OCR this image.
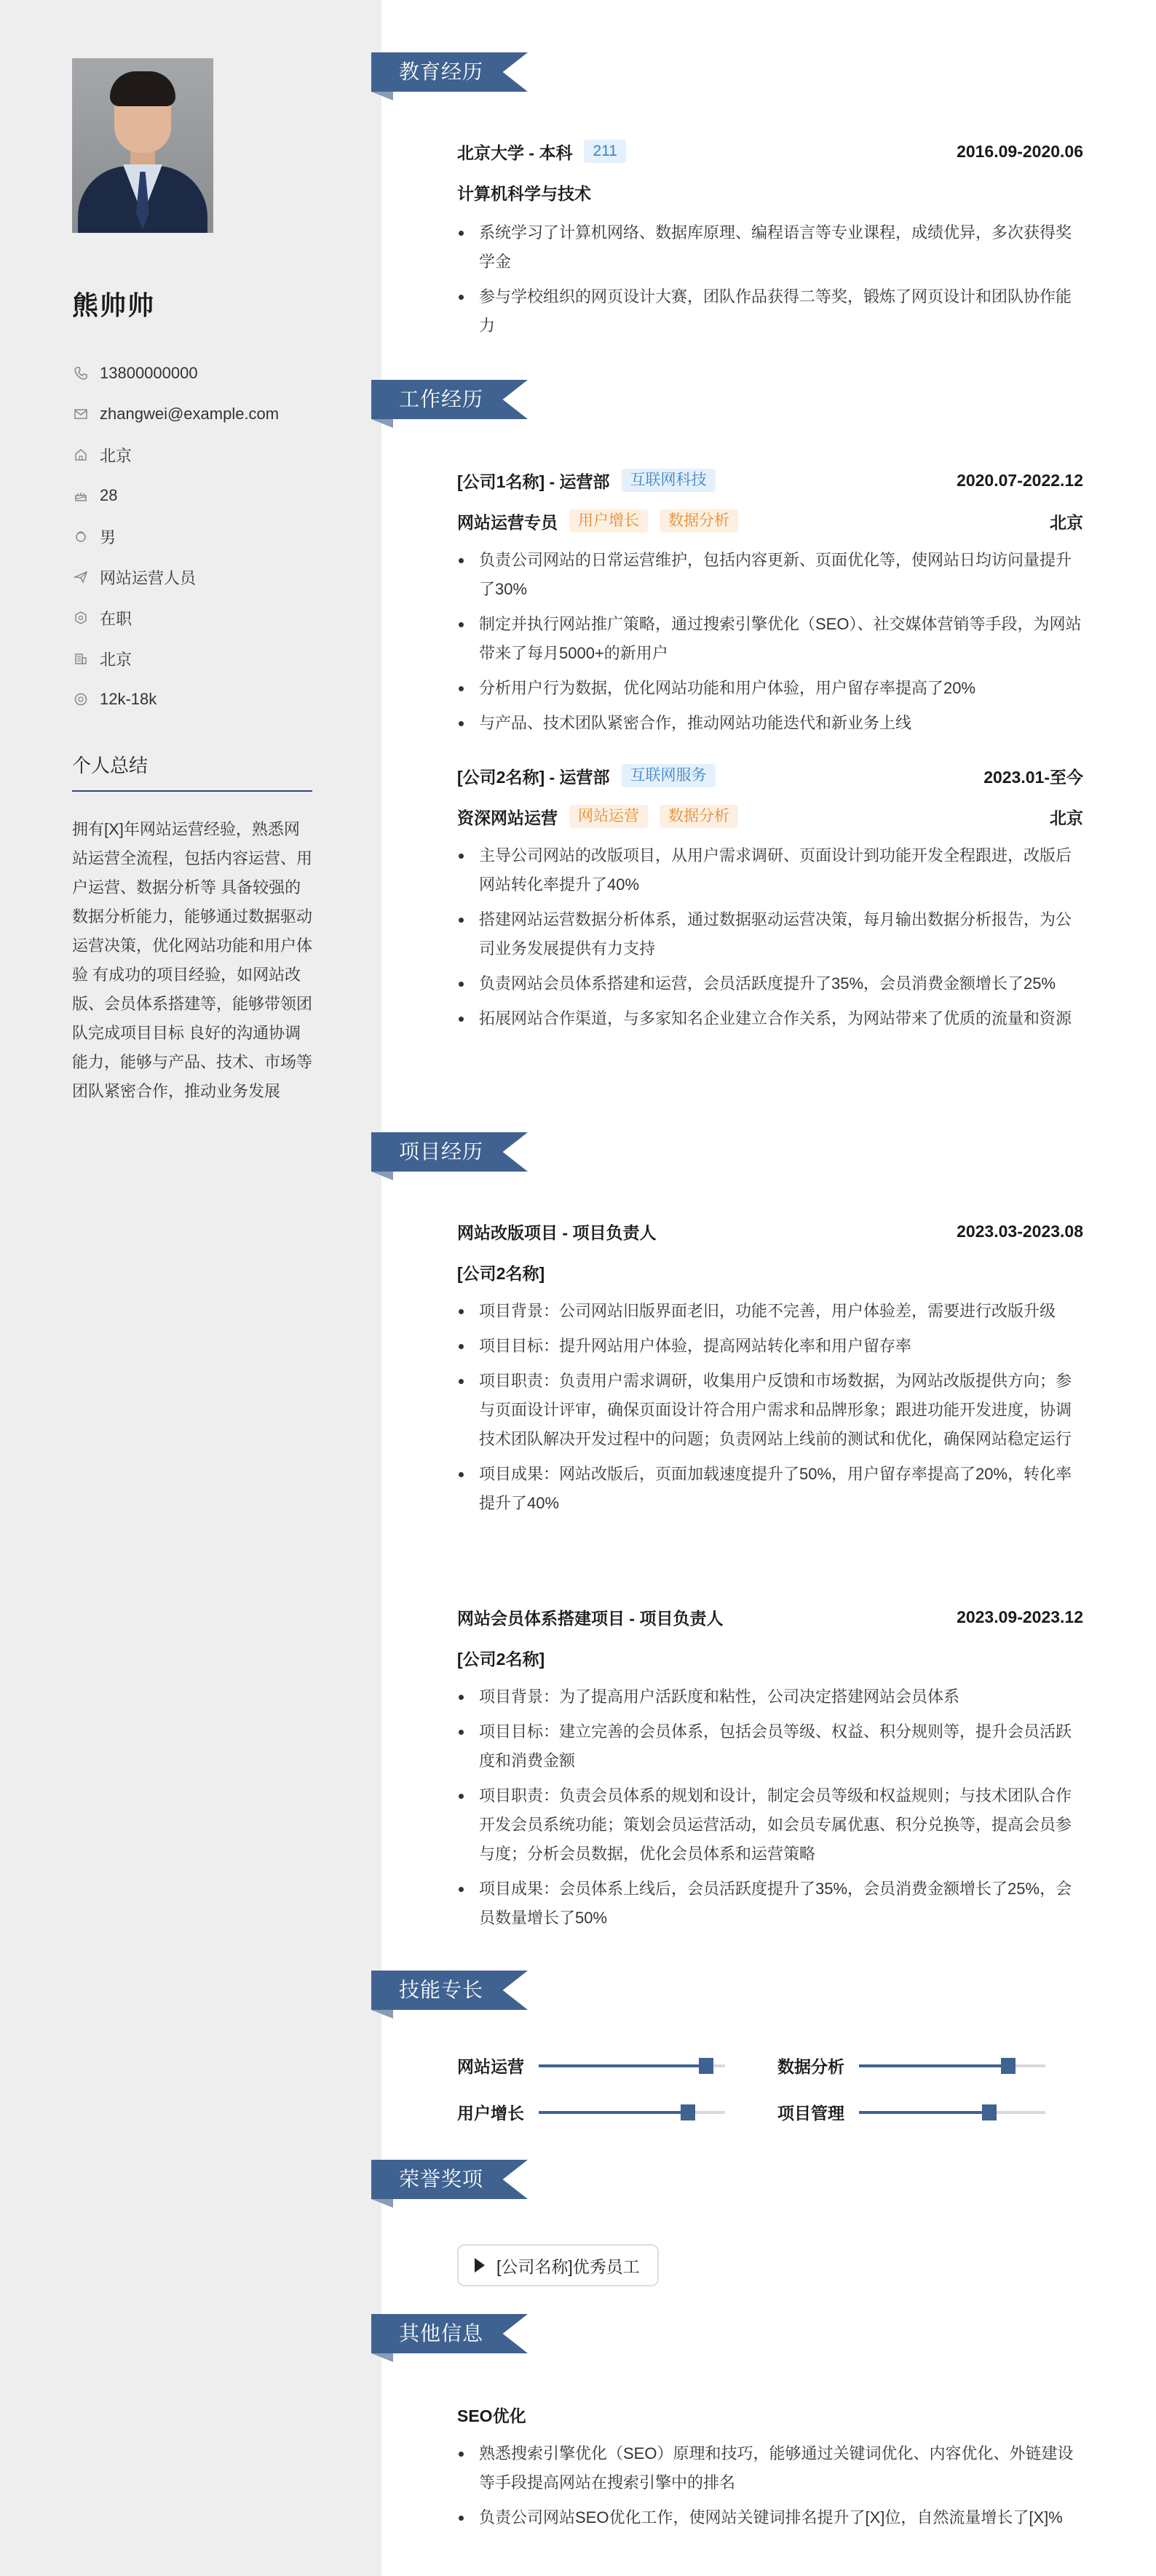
熊帅帅
13800000000
zhangwei@example.com
北京
28
男
网站运营人员
在职
北京
12k-18k
个人总结
拥有[X]年网站运营经验，熟悉网站运营全流程，包括内容运营、用户运营、数据分析等 具备较强的数据分析能力，能够通过数据驱动运营决策，优化网站功能和用户体验 有成功的项目经验，如网站改版、会员体系搭建等，能够带领团队完成项目目标 良好的沟通协调能力，能够与产品、技术、市场等团队紧密合作，推动业务发展
教育经历
北京大学 - 本科	211	2016.09-2020.06
计算机科学与技术
系统学习了计算机网络、数据库原理、编程语言等专业课程，成绩优异，多次获得奖学金
参与学校组织的网页设计大赛，团队作品获得二等奖，锻炼了网页设计和团队协作能力
工作经历
[公司1名称] - 运营部	互联网科技	2020.07-2022.12
网站运营专员	用户增长	数据分析	北京
负责公司网站的日常运营维护，包括内容更新、页面优化等，使网站日均访问量提升了30%
制定并执行网站推广策略，通过搜索引擎优化（SEO）、社交媒体营销等手段，为网站带来了每月5000+的新用户
分析用户行为数据，优化网站功能和用户体验，用户留存率提高了20%
与产品、技术团队紧密合作，推动网站功能迭代和新业务上线
[公司2名称] - 运营部	互联网服务	2023.01-至今
资深网站运营	网站运营	数据分析	北京
主导公司网站的改版项目，从用户需求调研、页面设计到功能开发全程跟进，改版后网站转化率提升了40%
搭建网站运营数据分析体系，通过数据驱动运营决策，每月输出数据分析报告，为公司业务发展提供有力支持
负责网站会员体系搭建和运营，会员活跃度提升了35%，会员消费金额增长了25%
拓展网站合作渠道，与多家知名企业建立合作关系，为网站带来了优质的流量和资源
项目经历
网站改版项目 - 项目负责人	2023.03-2023.08
[公司2名称]
项目背景：公司网站旧版界面老旧，功能不完善，用户体验差，需要进行改版升级
项目目标：提升网站用户体验，提高网站转化率和用户留存率
项目职责：负责用户需求调研，收集用户反馈和市场数据，为网站改版提供方向；参与页面设计评审，确保页面设计符合用户需求和品牌形象；跟进功能开发进度，协调技术团队解决开发过程中的问题；负责网站上线前的测试和优化，确保网站稳定运行
项目成果：网站改版后，页面加载速度提升了50%，用户留存率提高了20%，转化率提升了40%
网站会员体系搭建项目 - 项目负责人	2023.09-2023.12
[公司2名称]
项目背景：为了提高用户活跃度和粘性，公司决定搭建网站会员体系
项目目标：建立完善的会员体系，包括会员等级、权益、积分规则等，提升会员活跃度和消费金额
项目职责：负责会员体系的规划和设计，制定会员等级和权益规则；与技术团队合作开发会员系统功能；策划会员运营活动，如会员专属优惠、积分兑换等，提高会员参与度；分析会员数据，优化会员体系和运营策略
项目成果：会员体系上线后，会员活跃度提升了35%，会员消费金额增长了25%，会员数量增长了50%
技能专长
网站运营	数据分析
用户增长	项目管理
荣誉奖项
[公司名称]优秀员工
其他信息
SEO优化
熟悉搜索引擎优化（SEO）原理和技巧，能够通过关键词优化、内容优化、外链建设等手段提高网站在搜索引擎中的排名
负责公司网站SEO优化工作，使网站关键词排名提升了[X]位，自然流量增长了[X]%
